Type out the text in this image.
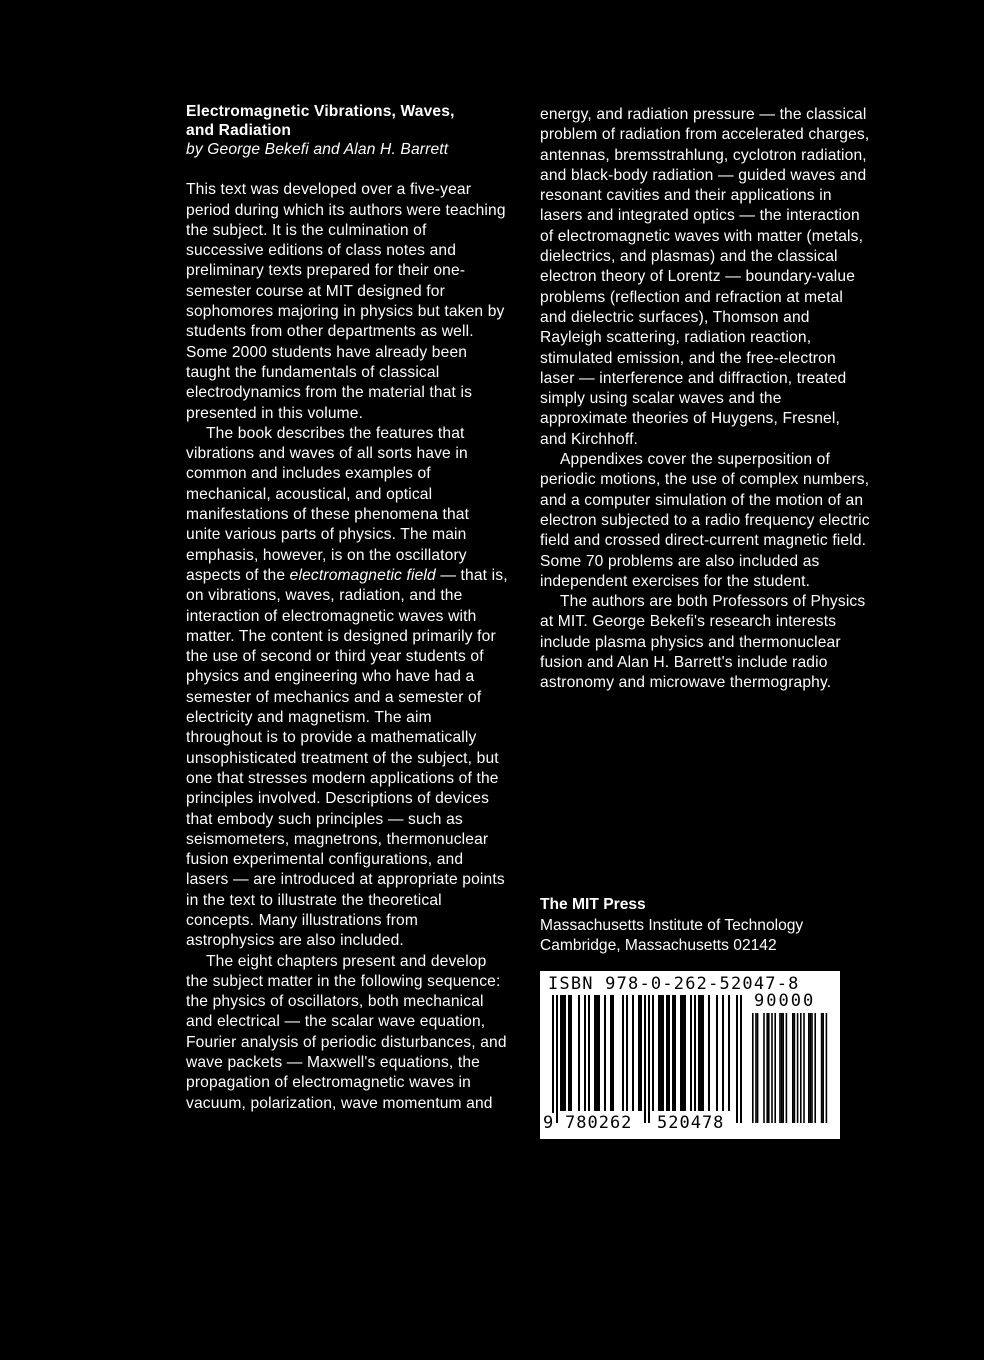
Electromagnetic Vibrations, Waves,
and Radiation
by George Bekefi and Alan H. Barrett

This text was developed over a five-year period during which its authors were teaching the subject. It is the culmination of successive editions of class notes and preliminary texts prepared for their one-semester course at MIT designed for sophomores majoring in physics but taken by students from other departments as well. Some 2000 students have already been taught the fundamentals of classical electrodynamics from the material that is presented in this volume.

The book describes the features that vibrations and waves of all sorts have in common and includes examples of mechanical, acoustical, and optical manifestations of these phenomena that unite various parts of physics. The main emphasis, however, is on the oscillatory aspects of the electromagnetic field — that is, on vibrations, waves, radiation, and the interaction of electromagnetic waves with matter. The content is designed primarily for the use of second or third year students of physics and engineering who have had a semester of mechanics and a semester of electricity and magnetism. The aim throughout is to provide a mathematically unsophisticated treatment of the subject, but one that stresses modern applications of the principles involved. Descriptions of devices that embody such principles — such as seismometers, magnetrons, thermonuclear fusion experimental configurations, and lasers — are introduced at appropriate points in the text to illustrate the theoretical concepts. Many illustrations from astrophysics are also included.

The eight chapters present and develop the subject matter in the following sequence: the physics of oscillators, both mechanical and electrical — the scalar wave equation, Fourier analysis of periodic disturbances, and wave packets — Maxwell's equations, the propagation of electromagnetic waves in vacuum, polarization, wave momentum and

energy, and radiation pressure — the classical problem of radiation from accelerated charges, antennas, bremsstrahlung, cyclotron radiation, and black-body radiation — guided waves and resonant cavities and their applications in lasers and integrated optics — the interaction of electromagnetic waves with matter (metals, dielectrics, and plasmas) and the classical electron theory of Lorentz — boundary-value problems (reflection and refraction at metal and dielectric surfaces), Thomson and Rayleigh scattering, radiation reaction, stimulated emission, and the free-electron laser — interference and diffraction, treated simply using scalar waves and the approximate theories of Huygens, Fresnel, and Kirchhoff.

Appendixes cover the superposition of periodic motions, the use of complex numbers, and a computer simulation of the motion of an electron subjected to a radio frequency electric field and crossed direct-current magnetic field. Some 70 problems are also included as independent exercises for the student.

The authors are both Professors of Physics at MIT. George Bekefi's research interests include plasma physics and thermonuclear fusion and Alan H. Barrett's include radio astronomy and microwave thermography.

The MIT Press
Massachusetts Institute of Technology
Cambridge, Massachusetts 02142
ISBN 978-0-262-52047-8
90000
9 780262 520478
